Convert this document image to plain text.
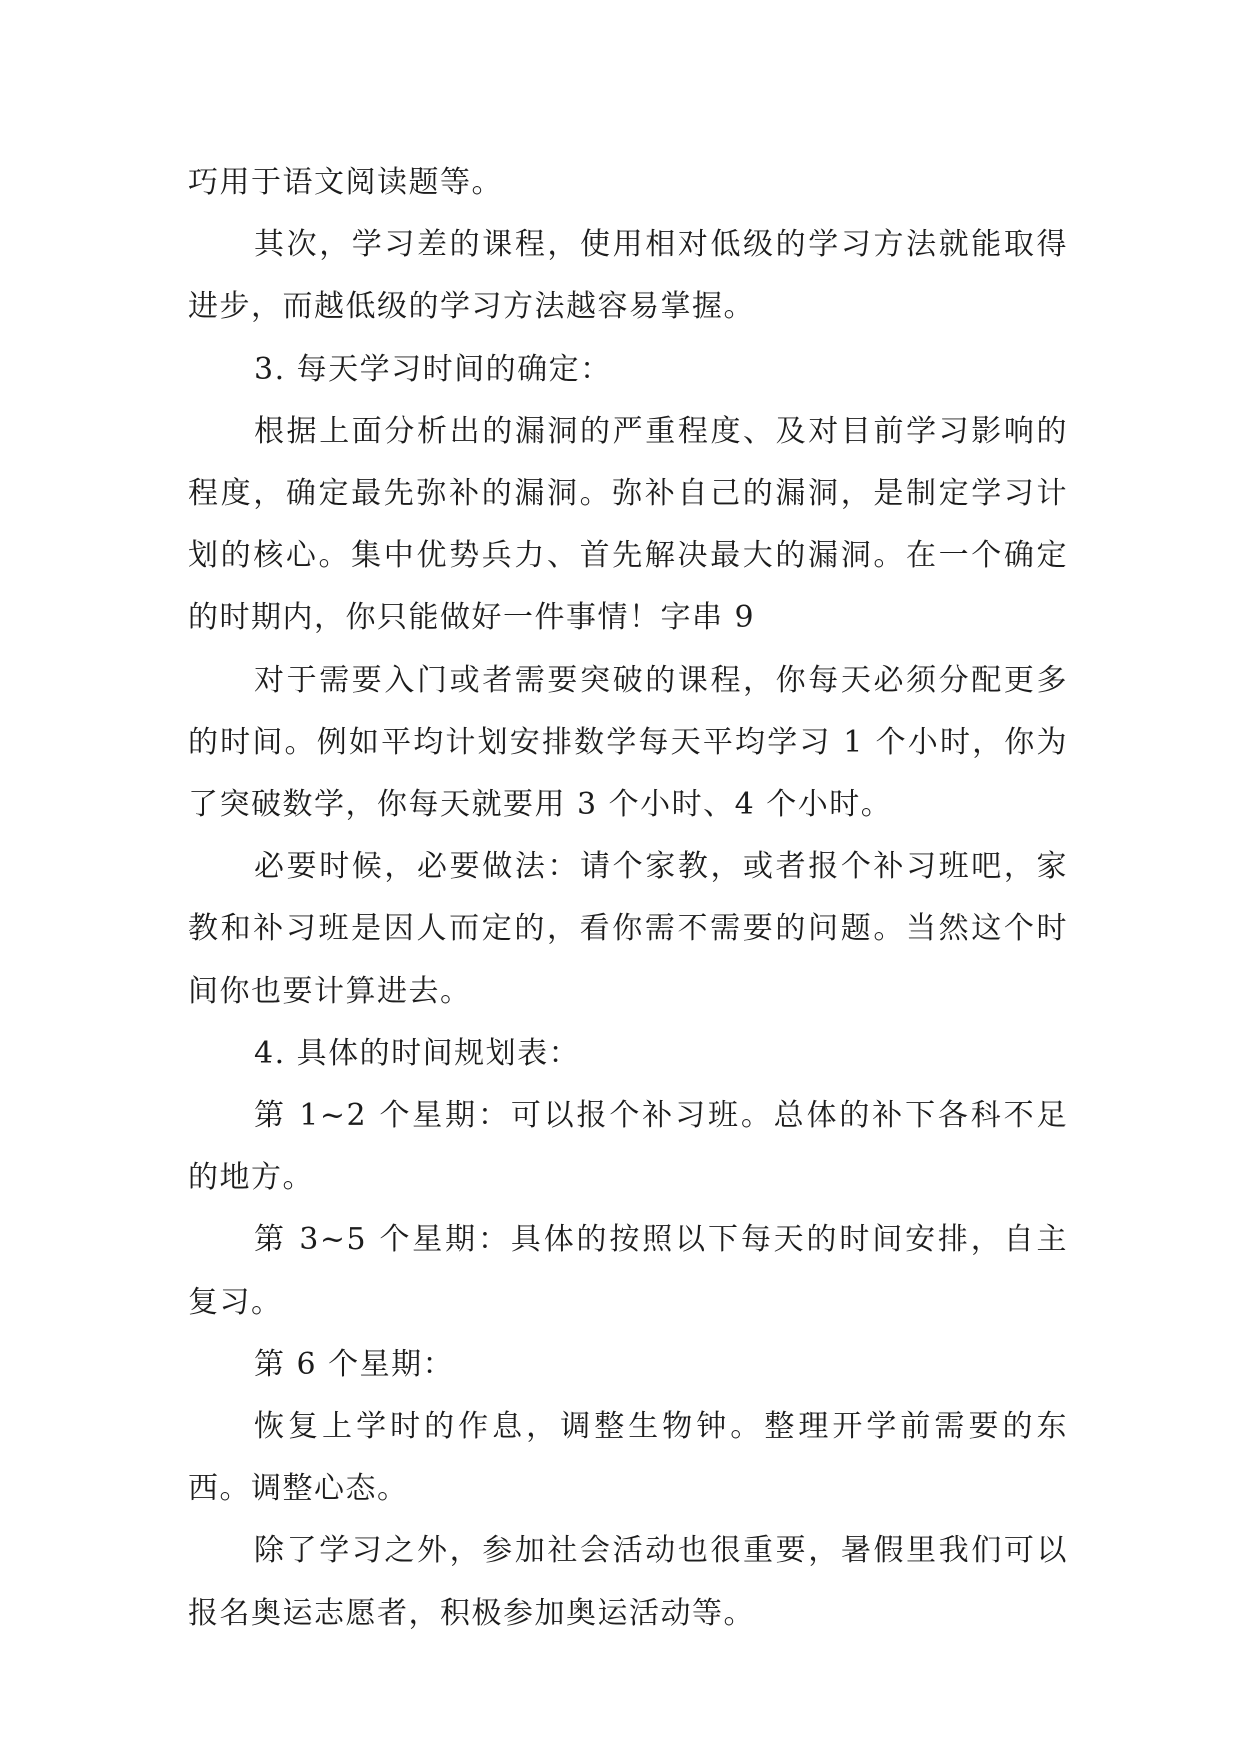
巧用于语文阅读题等。

其次，学习差的课程，使用相对低级的学习方法就能取得进步，而越低级的学习方法越容易掌握。

3. 每天学习时间的确定：

根据上面分析出的漏洞的严重程度、及对目前学习影响的程度，确定最先弥补的漏洞。弥补自己的漏洞，是制定学习计划的核心。集中优势兵力、首先解决最大的漏洞。在一个确定的时期内，你只能做好一件事情！字串 9

对于需要入门或者需要突破的课程，你每天必须分配更多的时间。例如平均计划安排数学每天平均学习 1 个小时，你为了突破数学，你每天就要用 3 个小时、4 个小时。

必要时候，必要做法：请个家教，或者报个补习班吧，家教和补习班是因人而定的，看你需不需要的问题。当然这个时间你也要计算进去。

4. 具体的时间规划表：

第 1~2 个星期：可以报个补习班。总体的补下各科不足的地方。

第 3~5 个星期：具体的按照以下每天的时间安排，自主复习。

第 6 个星期：

恢复上学时的作息，调整生物钟。整理开学前需要的东西。调整心态。

除了学习之外，参加社会活动也很重要，暑假里我们可以报名奥运志愿者，积极参加奥运活动等。
